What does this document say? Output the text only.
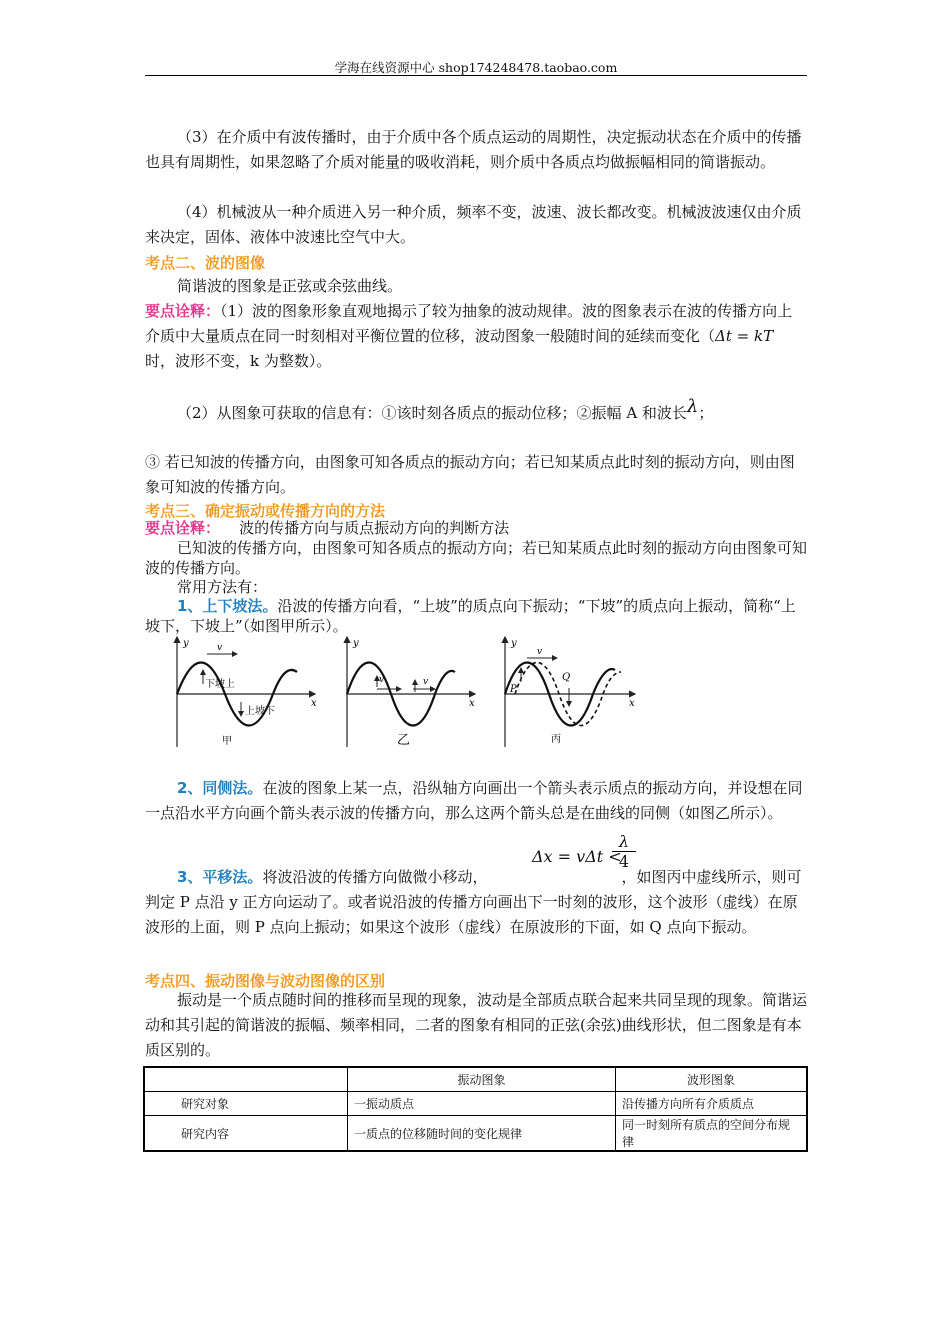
学海在线资源中心 shop174248478.taobao.com
（3）在介质中有波传播时，由于介质中各个质点运动的周期性，决定振动状态在介质中的传播也具有周期性，如果忽略了介质对能量的吸收消耗，则介质中各质点均做振幅相同的简谐振动。
（4）机械波从一种介质进入另一种介质，频率不变，波速、波长都改变。机械波波速仅由介质来决定，固体、液体中波速比空气中大。
考点二、波的图像
简谐波的图象是正弦或余弦曲线。
要点诠释：（1）波的图象形象直观地揭示了较为抽象的波动规律。波的图象表示在波的传播方向上介质中大量质点在同一时刻相对平衡位置的位移，波动图象一般随时间的延续而变化（Δt = kT 时，波形不变，k 为整数）。
（2）从图象可获取的信息有：①该时刻各质点的振动位移；②振幅 A 和波长λ；
③ 若已知波的传播方向，由图象可知各质点的振动方向；若已知某质点此时刻的振动方向，则由图象可知波的传播方向。
考点三、确定振动或传播方向的方法
要点诠释：    波的传播方向与质点振动方向的判断方法
已知波的传播方向，由图象可知各质点的振动方向；若已知某质点此时刻的振动方向由图象可知波的传播方向。
常用方法有：
1、上下坡法。沿波的传播方向看，“上坡”的质点向下振动；“下坡”的质点向上振动，简称“上坡下，下坡上”（如图甲所示）。
y
x
v
下坡上
上坡下
甲
y
x
v	v
乙
y
x
v
P
Q
丙
2、同侧法。在波的图象上某一点，沿纵轴方向画出一个箭头表示质点的振动方向，并设想在同一点沿水平方向画个箭头表示波的传播方向，那么这两个箭头总是在曲线的同侧（如图乙所示）。
Δx = vΔt <
λ
4
3、平移法。将波沿波的传播方向做微小移动，	，如图丙中虚线所示，则可判定 P 点沿 y 正方向运动了。或者说沿波的传播方向画出下一时刻的波形，这个波形（虚线）在原波形的上面，则 P 点向上振动；如果这个波形（虚线）在原波形的下面，如 Q 点向下振动。
考点四、振动图像与波动图像的区别
振动是一个质点随时间的推移而呈现的现象，波动是全部质点联合起来共同呈现的现象。简谐运动和其引起的简谐波的振幅、频率相同，二者的图象有相同的正弦(余弦)曲线形状，但二图象是有本质区别的。
	振动图象	波形图象
研究对象	一振动质点	沿传播方向所有介质质点
研究内容	一质点的位移随时间的变化规律	同一时刻所有质点的空间分布规律
